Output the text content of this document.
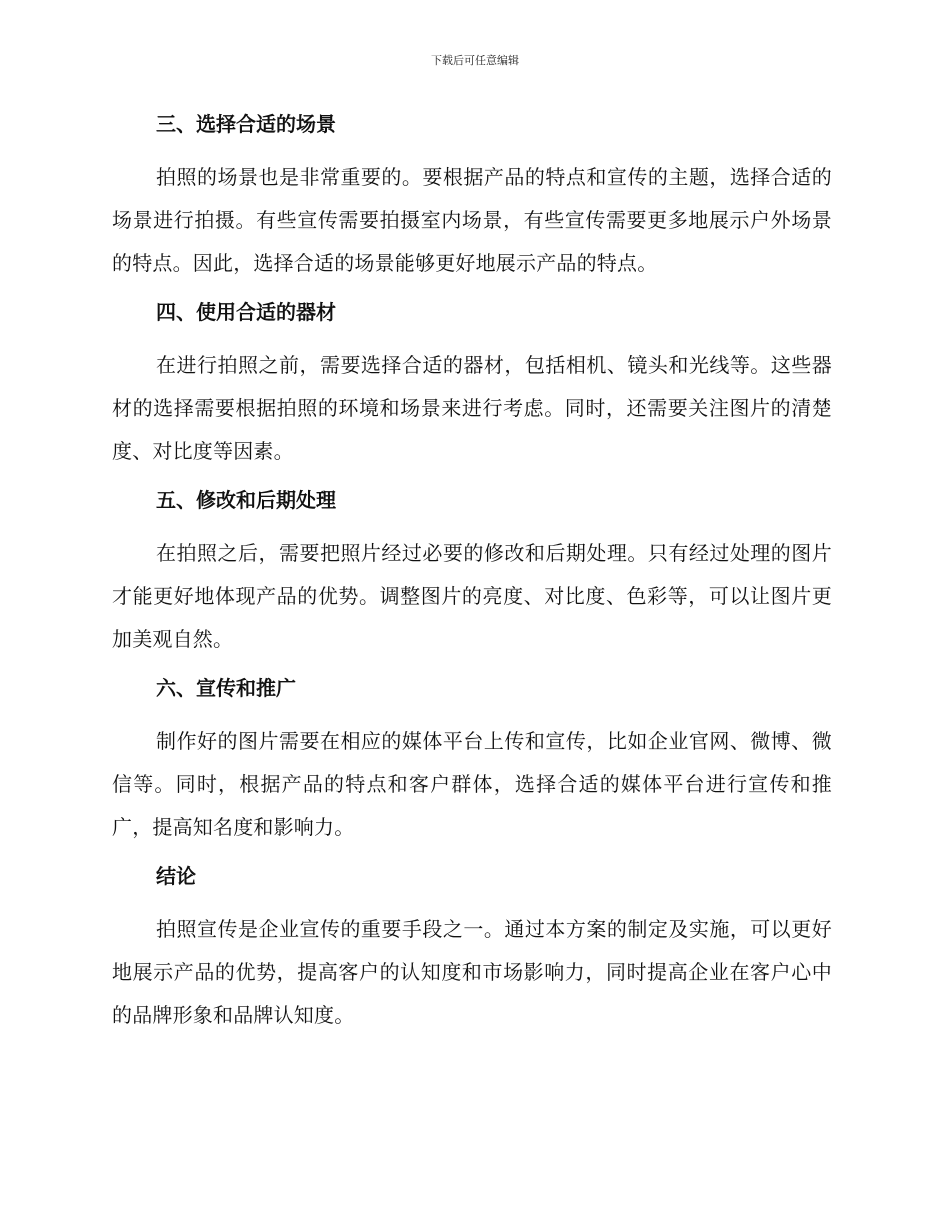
下载后可任意编辑
三、选择合适的场景

拍照的场景也是非常重要的。要根据产品的特点和宣传的主题，选择合适的场景进行拍摄。有些宣传需要拍摄室内场景，有些宣传需要更多地展示户外场景的特点。因此，选择合适的场景能够更好地展示产品的特点。

四、使用合适的器材

在进行拍照之前，需要选择合适的器材，包括相机、镜头和光线等。这些器材的选择需要根据拍照的环境和场景来进行考虑。同时，还需要关注图片的清楚度、对比度等因素。

五、修改和后期处理

在拍照之后，需要把照片经过必要的修改和后期处理。只有经过处理的图片才能更好地体现产品的优势。调整图片的亮度、对比度、色彩等，可以让图片更加美观自然。

六、宣传和推广

制作好的图片需要在相应的媒体平台上传和宣传，比如企业官网、微博、微信等。同时，根据产品的特点和客户群体，选择合适的媒体平台进行宣传和推广，提高知名度和影响力。

结论

拍照宣传是企业宣传的重要手段之一。通过本方案的制定及实施，可以更好地展示产品的优势，提高客户的认知度和市场影响力，同时提高企业在客户心中的品牌形象和品牌认知度。
